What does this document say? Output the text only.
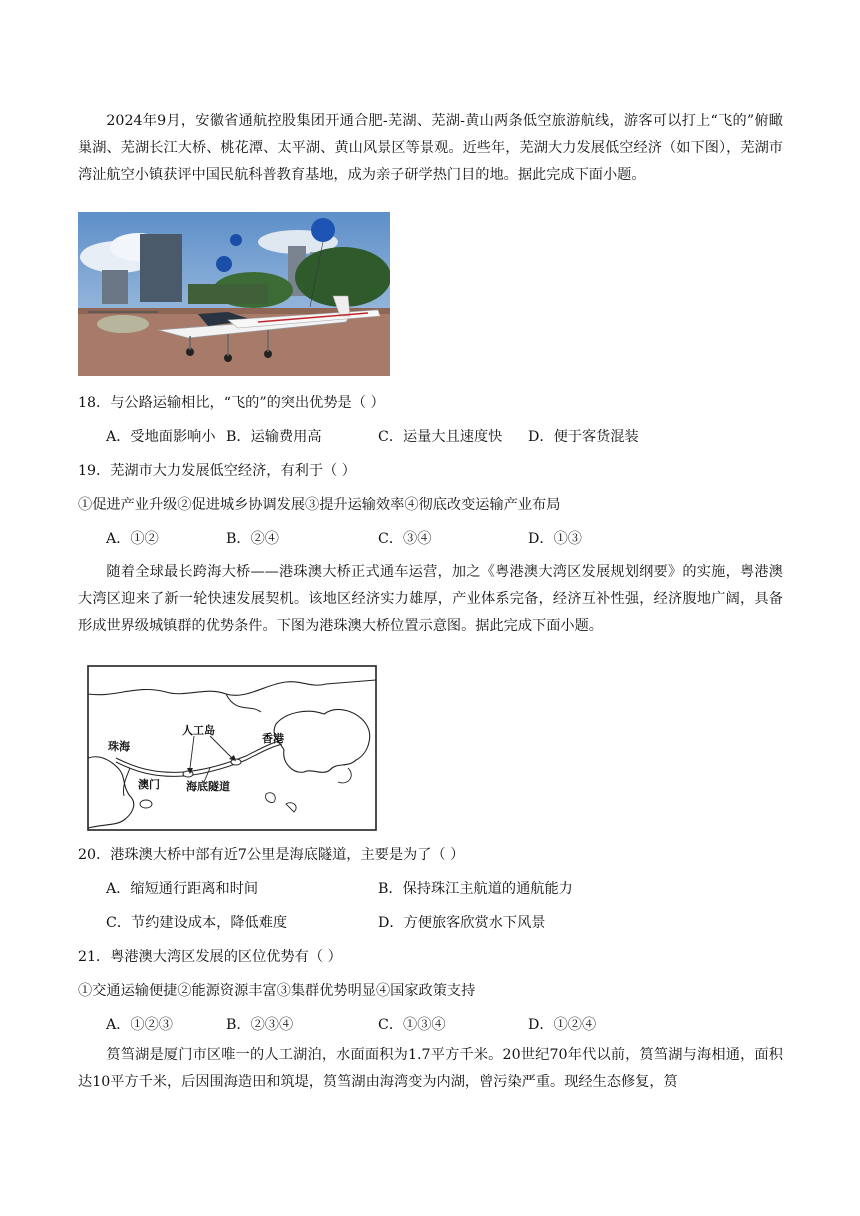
2024年9月，安徽省通航控股集团开通合肥-芜湖、芜湖-黄山两条低空旅游航线，游客可以打上“飞的”俯瞰巢湖、芜湖长江大桥、桃花潭、太平湖、黄山风景区等景观。近些年，芜湖大力发展低空经济（如下图），芜湖市湾沚航空小镇获评中国民航科普教育基地，成为亲子研学热门目的地。据此完成下面小题。

18．与公路运输相比，“飞的”的突出优势是（ ）
A．受地面影响小 B．运输费用高	C．运量大且速度快 D．便于客货混装
19．芜湖市大力发展低空经济，有利于（ ）
①促进产业升级②促进城乡协调发展③提升运输效率④彻底改变运输产业布局
A．①②	B．②④	C．③④	D．①③

随着全球最长跨海大桥——港珠澳大桥正式通车运营，加之《粤港澳大湾区发展规划纲要》的实施，粤港澳大湾区迎来了新一轮快速发展契机。该地区经济实力雄厚，产业体系完备，经济互补性强，经济腹地广阔，具备形成世界级城镇群的优势条件。下图为港珠澳大桥位置示意图。据此完成下面小题。

珠海
人工岛
香港
澳门 海底隧道
20．港珠澳大桥中部有近7公里是海底隧道，主要是为了（ ）
A．缩短通行距离和时间	B．保持珠江主航道的通航能力
C．节约建设成本，降低难度	D．方便旅客欣赏水下风景
21．粤港澳大湾区发展的区位优势有（ ）
①交通运输便捷②能源资源丰富③集群优势明显④国家政策支持
A．①②③	B．②③④	C．①③④	D．①②④

筼筜湖是厦门市区唯一的人工湖泊，水面面积为1.7平方千米。20世纪70年代以前，筼筜湖与海相通，面积达10平方千米，后因围海造田和筑堤，筼筜湖由海湾变为内湖，曾污染严重。现经生态修复，筼
